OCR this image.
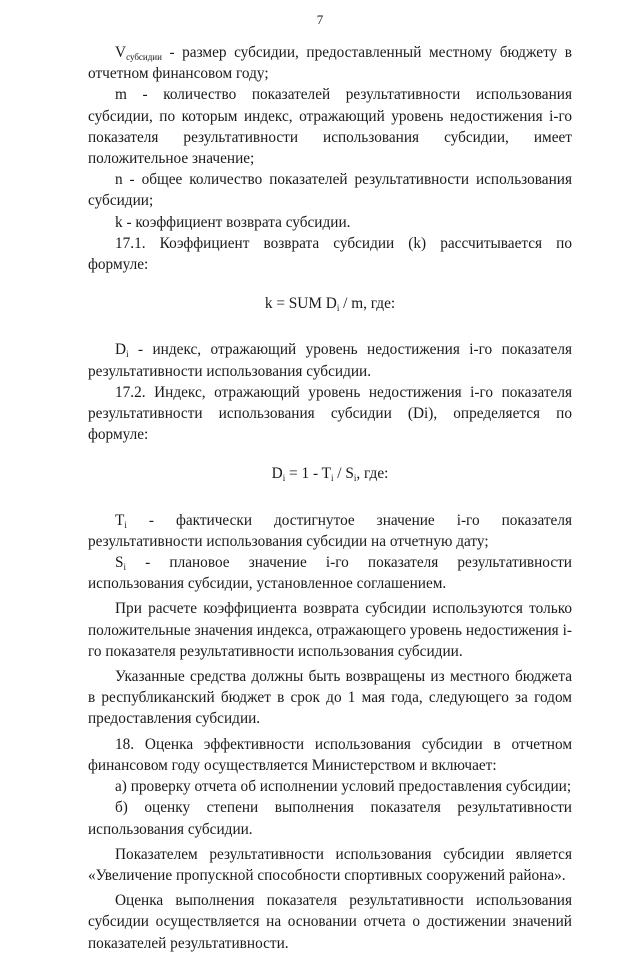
7

$V_{субсидии}$ - размер субсидии, предоставленный местному бюджету в отчетном финансовом году;

m - количество показателей результативности использования субсидии, по которым индекс, отражающий уровень недостижения i-го показателя результативности использования субсидии, имеет положительное значение;

n - общее количество показателей результативности использования субсидии;

k - коэффициент возврата субсидии.

17.1. Коэффициент возврата субсидии (k) рассчитывается по формуле:

k = SUM $D_i$ / m, где:

$D_i$ - индекс, отражающий уровень недостижения i-го показателя результативности использования субсидии.

17.2. Индекс, отражающий уровень недостижения i-го показателя результативности использования субсидии (Di), определяется по формуле:

$D_i = 1 - T_i / S_i$, где:

$T_i$ - фактически достигнутое значение i-го показателя результативности использования субсидии на отчетную дату;

$S_i$ - плановое значение i-го показателя результативности использования субсидии, установленное соглашением.

При расчете коэффициента возврата субсидии используются только положительные значения индекса, отражающего уровень недостижения i-го показателя результативности использования субсидии.

Указанные средства должны быть возвращены из местного бюджета в республиканский бюджет в срок до 1 мая года, следующего за годом предоставления субсидии.

18. Оценка эффективности использования субсидии в отчетном финансовом году осуществляется Министерством и включает:

а) проверку отчета об исполнении условий предоставления субсидии;

б) оценку степени выполнения показателя результативности использования субсидии.

Показателем результативности использования субсидии является «Увеличение пропускной способности спортивных сооружений района».

Оценка выполнения показателя результативности использования субсидии осуществляется на основании отчета о достижении значений показателей результативности.
